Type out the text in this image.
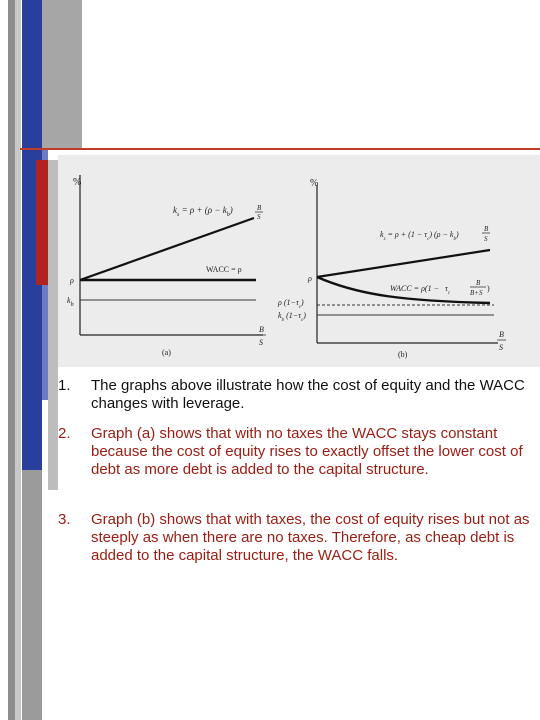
%
$k_s = \rho + (\rho - k_b)$	B
S
WACC = ρ
ρ
$k_b$
B
S
(a)
%
$k_s = \rho + (1 - \tau_c) (\rho - k_b)$
B
S
WACC = $\rho(1 - \tau_c$
B
B+S )
ρ
ρ $(1-\tau_c)$
$k_b$ $(1-\tau_c)$
B
S
(b)
1. The graphs above illustrate how the cost of equity and the WACC changes with leverage.
2. Graph (a) shows that with no taxes the WACC stays constant because the cost of equity rises to exactly offset the lower cost of debt as more debt is added to the capital structure.
3. Graph (b) shows that with taxes, the cost of equity rises but not as steeply as when there are no taxes. Therefore, as cheap debt is added to the capital structure, the WACC falls.
